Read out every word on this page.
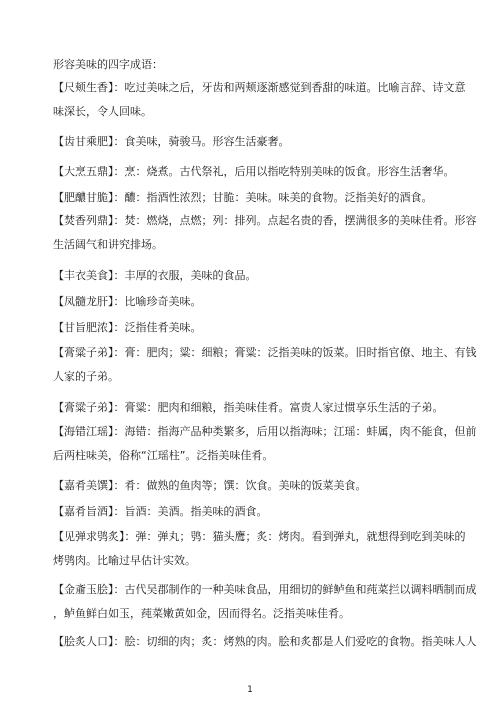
形容美味的四字成语：
【尺颊生香】：吃过美味之后，牙齿和两颊逐渐感觉到香甜的味道。比喻言辞、诗文意
味深长，令人回味。
【齿甘乘肥】：食美味，骑骏马。形容生活豪奢。
【大烹五鼎】：烹：烧煮。古代祭礼，后用以指吃特别美味的饭食。形容生活奢华。
【肥醲甘脆】：醲：指酒性浓烈；甘脆：美味。味美的食物。泛指美好的酒食。
【焚香列鼎】：焚：燃烧，点燃；列：排列。点起名贵的香，摆满很多的美味佳肴。形容
生活阔气和讲究排场。
【丰衣美食】：丰厚的衣服，美味的食品。
【凤髓龙肝】：比喻珍奇美味。
【甘旨肥浓】：泛指佳肴美味。
【膏粱子弟】：膏：肥肉；粱：细粮；膏粱：泛指美味的饭菜。旧时指官僚、地主、有钱
人家的子弟。
【膏粱子弟】：膏粱：肥肉和细粮，指美味佳肴。富贵人家过惯享乐生活的子弟。
【海错江瑶】：海错：指海产品种类繁多，后用以指海味；江瑶：蚌属，肉不能食，但前
后两柱味美，俗称“江瑶柱”。泛指美味佳肴。
【嘉肴美馔】：肴：做熟的鱼肉等；馔：饮食。美味的饭菜美食。
【嘉肴旨酒】：旨酒：美酒。指美味的酒食。
【见弹求鸮炙】：弹：弹丸；鸮：猫头鹰；炙：烤肉。看到弹丸，就想得到吃到美味的
烤鸮肉。比喻过早估计实效。
【金齑玉脍】：古代吴郡制作的一种美味食品，用细切的鲜鲈鱼和莼菜拦以调料晒制而成
，鲈鱼鲜白如玉，莼菜嫩黄如金，因而得名。泛指美味佳肴。
【脍炙人口】：脍：切细的肉；炙：烤熟的肉。脍和炙都是人们爱吃的食物。指美味人人
1
